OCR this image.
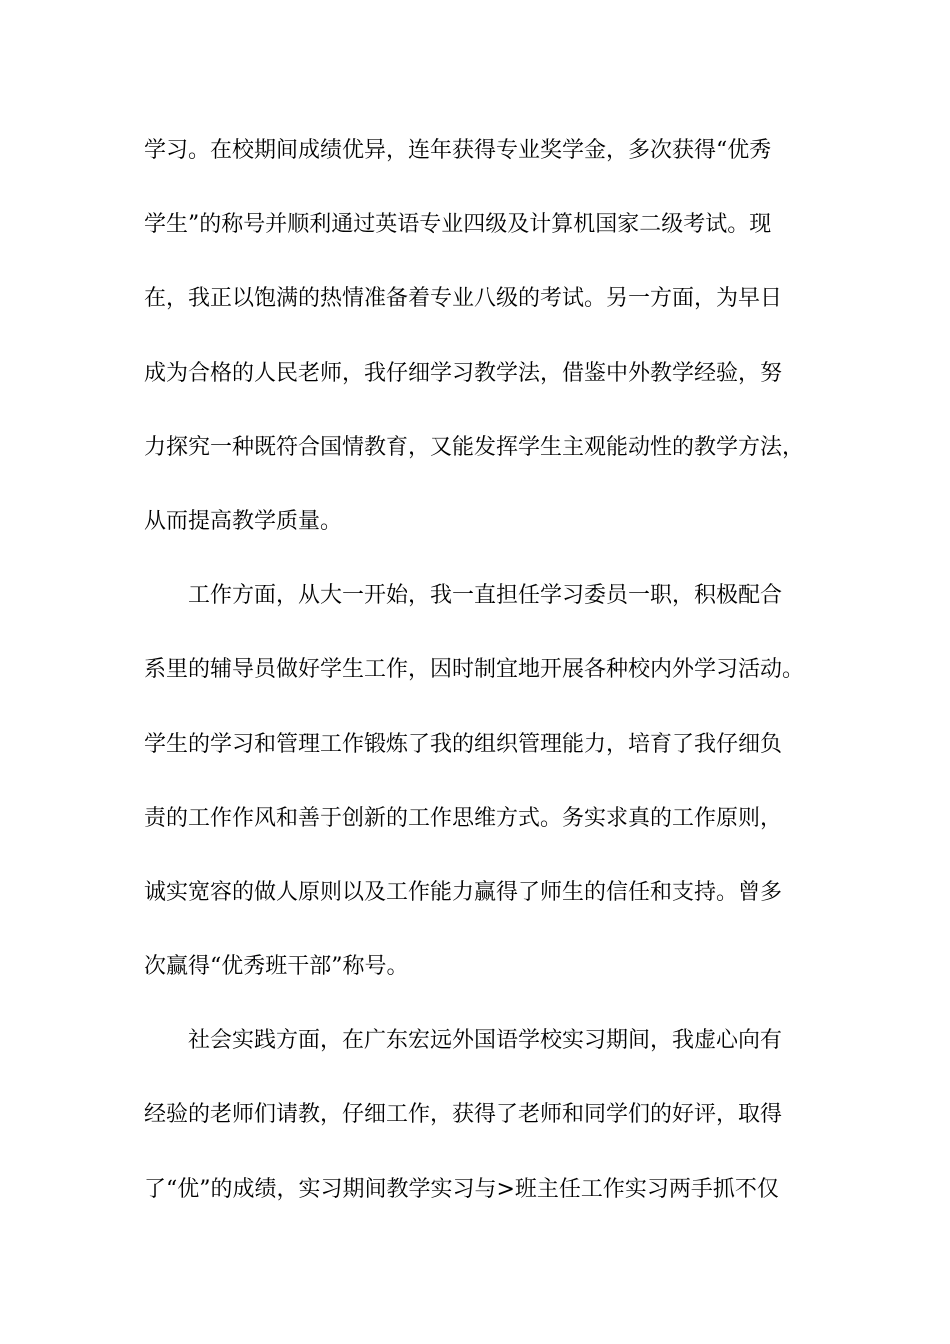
学习。在校期间成绩优异，连年获得专业奖学金，多次获得“优秀
学生”的称号并顺利通过英语专业四级及计算机国家二级考试。现
在，我正以饱满的热情准备着专业八级的考试。另一方面，为早日
成为合格的人民老师，我仔细学习教学法，借鉴中外教学经验，努
力探究一种既符合国情教育，又能发挥学生主观能动性的教学方法，
从而提高教学质量。
工作方面，从大一开始，我一直担任学习委员一职，积极配合
系里的辅导员做好学生工作，因时制宜地开展各种校内外学习活动。
学生的学习和管理工作锻炼了我的组织管理能力，培育了我仔细负
责的工作作风和善于创新的工作思维方式。务实求真的工作原则，
诚实宽容的做人原则以及工作能力赢得了师生的信任和支持。曾多
次赢得“优秀班干部”称号。
社会实践方面，在广东宏远外国语学校实习期间，我虚心向有
经验的老师们请教，仔细工作，获得了老师和同学们的好评，取得
了“优”的成绩，实习期间教学实习与>班主任工作实习两手抓不仅
